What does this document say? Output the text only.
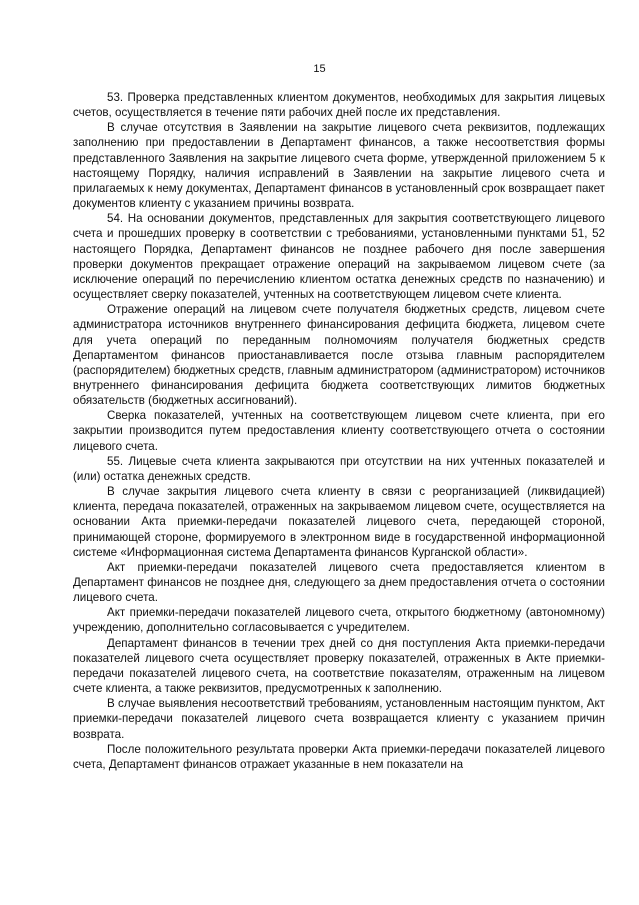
15

53. Проверка представленных клиентом документов, необходимых для закрытия лицевых счетов, осуществляется в течение пяти рабочих дней после их представления.

В случае отсутствия в Заявлении на закрытие лицевого счета реквизитов, подлежащих заполнению при предоставлении в Департамент финансов, а также несоответствия формы представленного Заявления на закрытие лицевого счета форме, утвержденной приложением 5 к настоящему Порядку, наличия исправлений в Заявлении на закрытие лицевого счета и прилагаемых к нему документах, Департамент финансов в установленный срок возвращает пакет документов клиенту с указанием причины возврата.

54. На основании документов, представленных для закрытия соответствующего лицевого счета и прошедших проверку в соответствии с требованиями, установленными пунктами 51, 52 настоящего Порядка, Департамент финансов не позднее рабочего дня после завершения проверки документов прекращает отражение операций на закрываемом лицевом счете (за исключение операций по перечислению клиентом остатка денежных средств по назначению) и осуществляет сверку показателей, учтенных на соответствующем лицевом счете клиента.

Отражение операций на лицевом счете получателя бюджетных средств, лицевом счете администратора источников внутреннего финансирования дефицита бюджета, лицевом счете для учета операций по переданным полномочиям получателя бюджетных средств Департаментом финансов приостанавливается после отзыва главным распорядителем (распорядителем) бюджетных средств, главным администратором (администратором) источников внутреннего финансирования дефицита бюджета соответствующих лимитов бюджетных обязательств (бюджетных ассигнований).

Сверка показателей, учтенных на соответствующем лицевом счете клиента, при его закрытии производится путем предоставления клиенту соответствующего отчета о состоянии лицевого счета.

55. Лицевые счета клиента закрываются при отсутствии на них учтенных показателей и (или) остатка денежных средств.

В случае закрытия лицевого счета клиенту в связи с реорганизацией (ликвидацией) клиента, передача показателей, отраженных на закрываемом лицевом счете, осуществляется на основании Акта приемки-передачи показателей лицевого счета, передающей стороной, принимающей стороне, формируемого в электронном виде в государственной информационной системе «Информационная система Департамента финансов Курганской области».

Акт приемки-передачи показателей лицевого счета предоставляется клиентом в Департамент финансов не позднее дня, следующего за днем предоставления отчета о состоянии лицевого счета.

Акт приемки-передачи показателей лицевого счета, открытого бюджетному (автономному) учреждению, дополнительно согласовывается с учредителем.

Департамент финансов в течении трех дней со дня поступления Акта приемки-передачи показателей лицевого счета осуществляет проверку показателей, отраженных в Акте приемки-передачи показателей лицевого счета, на соответствие показателям, отраженным на лицевом счете клиента, а также реквизитов, предусмотренных к заполнению.

В случае выявления несоответствий требованиям, установленным настоящим пунктом, Акт приемки-передачи показателей лицевого счета возвращается клиенту с указанием причин возврата.

После положительного результата проверки Акта приемки-передачи показателей лицевого счета, Департамент финансов отражает указанные в нем показатели на
